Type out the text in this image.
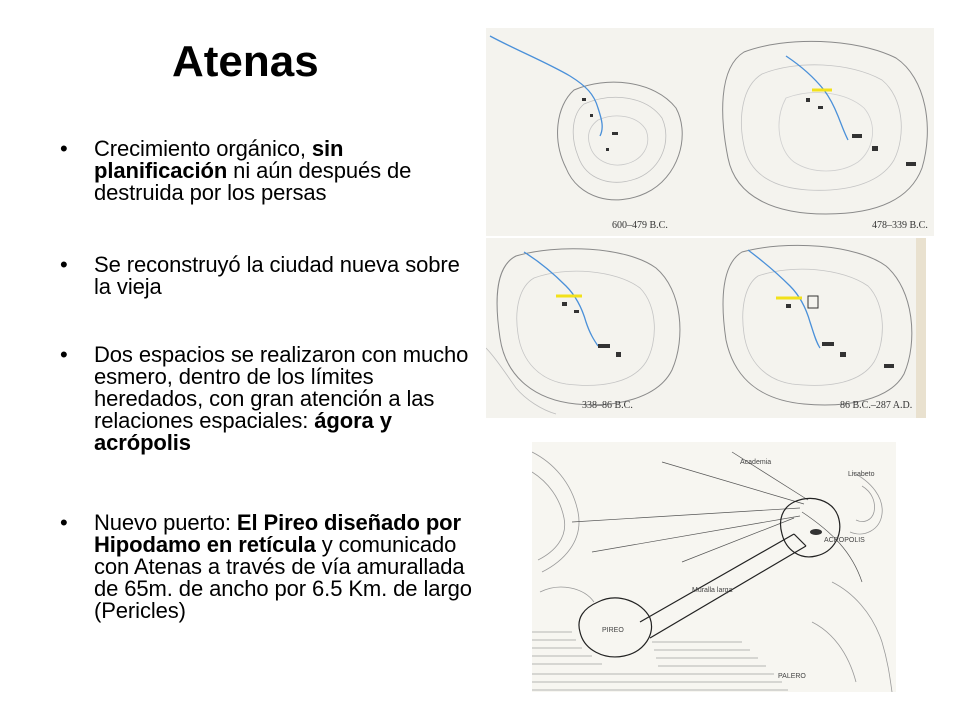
Atenas
• Crecimiento orgánico, sin planificación ni aún después de destruida por los persas
• Se reconstruyó la ciudad nueva sobre la vieja
• Dos espacios se realizaron con mucho esmero, dentro de los límites heredados, con gran atención a las relaciones espaciales: ágora y acrópolis
• Nuevo puerto: El Pireo diseñado por Hipodamo en retícula y comunicado con Atenas a través de vía amurallada de 65m. de ancho por 6.5 Km. de largo (Pericles)
600–479 B.C.	478–339 B.C.
338–86 B.C.	86 B.C.–287 A.D.
Academia
PIREO
Muralla larga
PALERO
Licabeto
ACROPOLIS
